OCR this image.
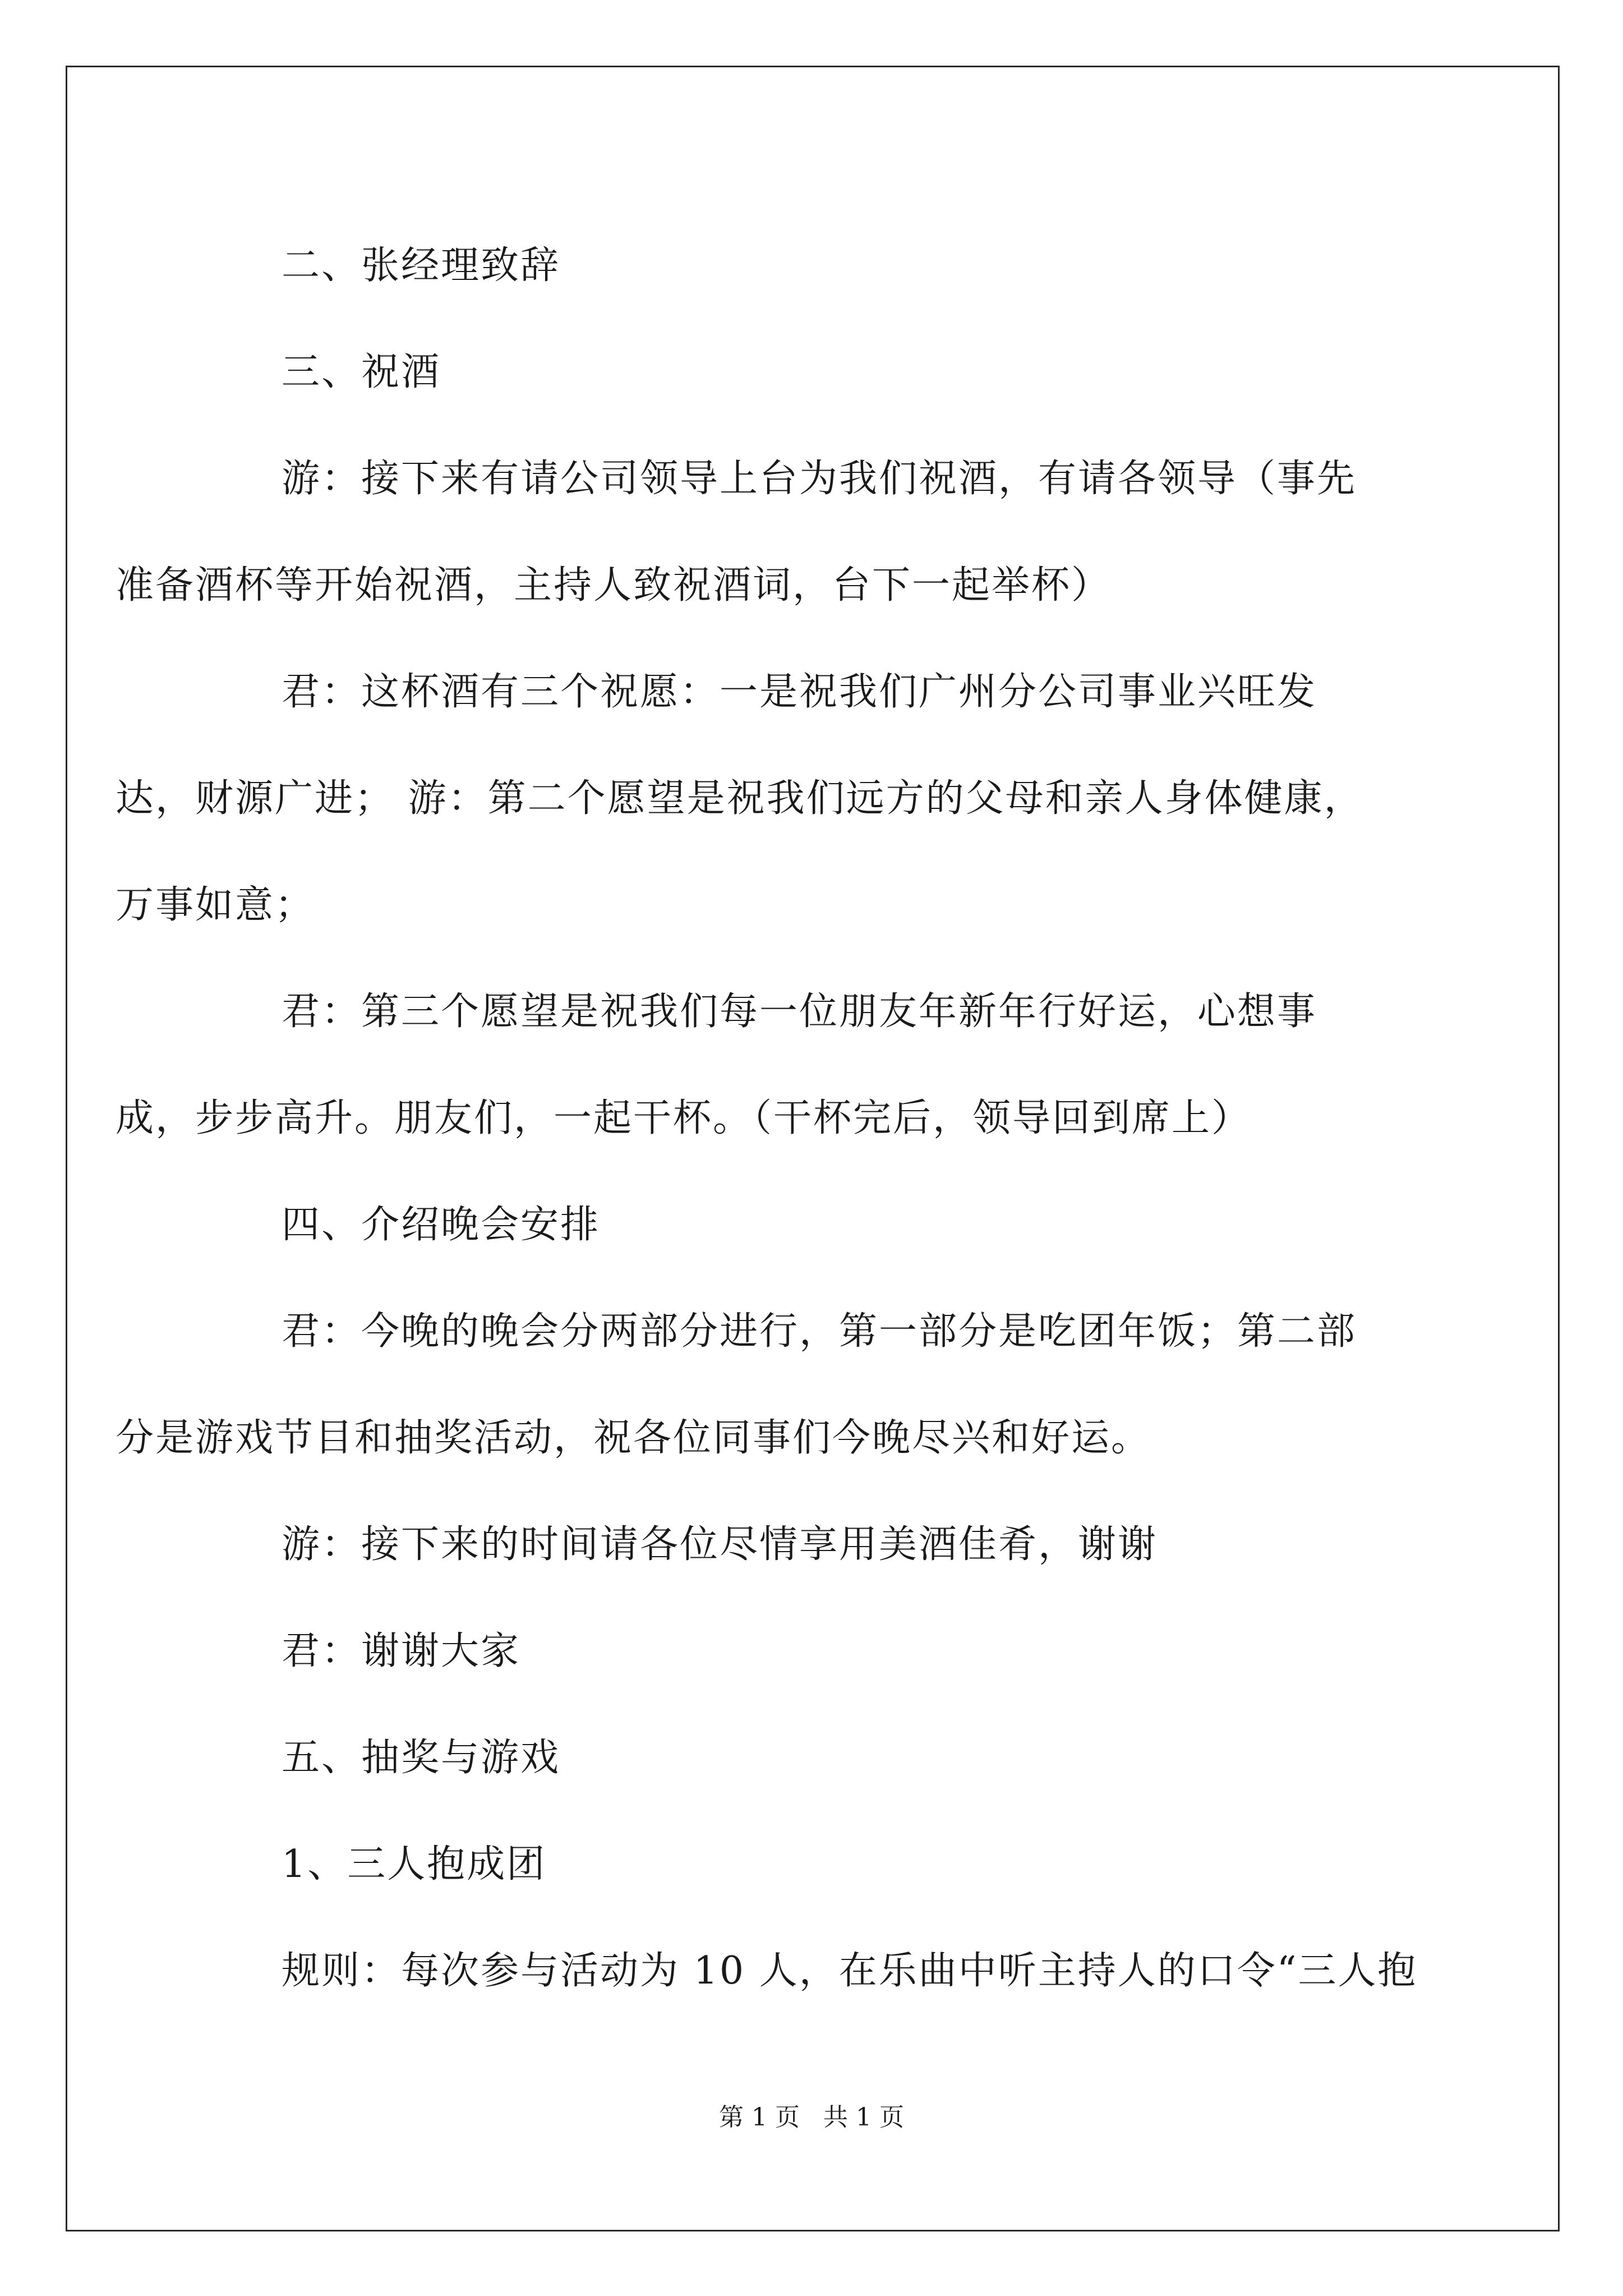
二、张经理致辞

三、祝酒

游：接下来有请公司领导上台为我们祝酒，有请各领导（事先准备酒杯等开始祝酒，主持人致祝酒词，台下一起举杯）

君：这杯酒有三个祝愿：一是祝我们广州分公司事业兴旺发达，财源广进； 游：第二个愿望是祝我们远方的父母和亲人身体健康，万事如意；

君：第三个愿望是祝我们每一位朋友年新年行好运，心想事成，步步高升。朋友们，一起干杯。（干杯完后，领导回到席上）

四、介绍晚会安排

君：今晚的晚会分两部分进行，第一部分是吃团年饭；第二部分是游戏节目和抽奖活动，祝各位同事们今晚尽兴和好运。

游：接下来的时间请各位尽情享用美酒佳肴，谢谢

君：谢谢大家

五、抽奖与游戏

1、三人抱成团

规则：每次参与活动为 10 人，在乐曲中听主持人的口令“三人抱

第 1 页 共 1 页
